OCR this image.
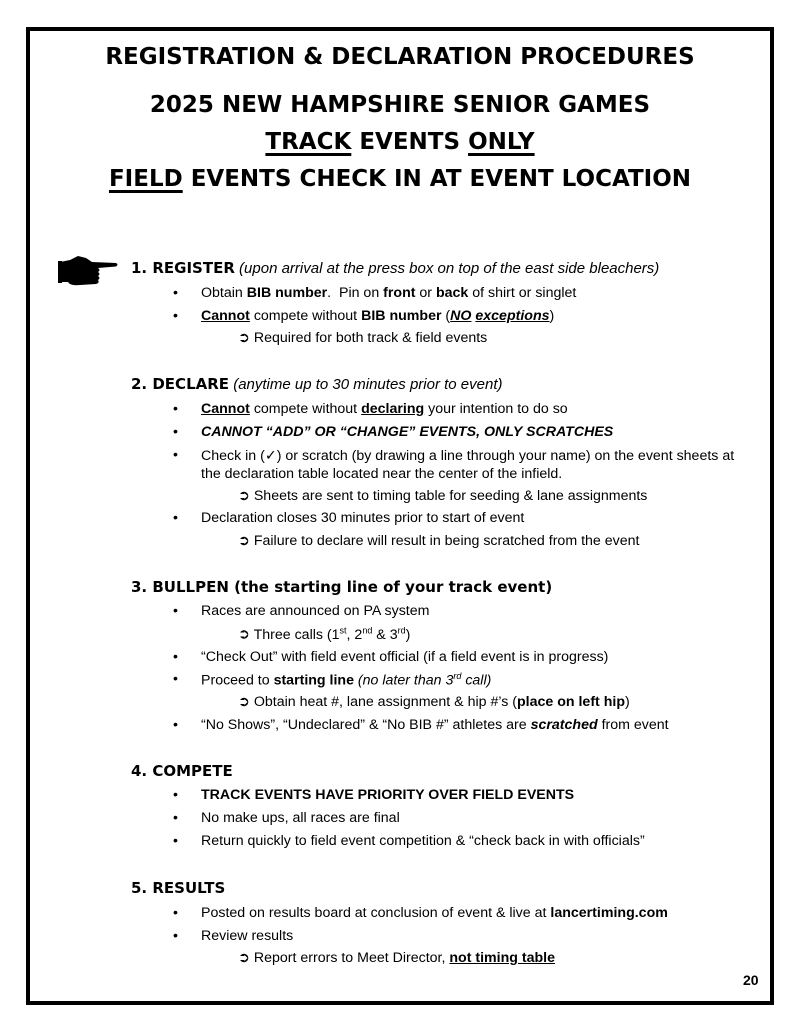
REGISTRATION & DECLARATION PROCEDURES
2025 NEW HAMPSHIRE SENIOR GAMES
TRACK EVENTS ONLY
FIELD EVENTS CHECK IN AT EVENT LOCATION
1. REGISTER (upon arrival at the press box on top of the east side bleachers)
• Obtain BIB number.  Pin on front or back of shirt or singlet
• Cannot compete without BIB number (NO exceptions)
➲ Required for both track & field events
2. DECLARE (anytime up to 30 minutes prior to event)
• Cannot compete without declaring your intention to do so
• CANNOT “ADD” OR “CHANGE” EVENTS, ONLY SCRATCHES
• Check in (✓) or scratch (by drawing a line through your name) on the event sheets at the declaration table located near the center of the infield.
➲ Sheets are sent to timing table for seeding & lane assignments
• Declaration closes 30 minutes prior to start of event
➲ Failure to declare will result in being scratched from the event
3. BULLPEN (the starting line of your track event)
• Races are announced on PA system
➲ Three calls (1st, 2nd & 3rd)
• “Check Out” with field event official (if a field event is in progress)
• Proceed to starting line (no later than 3rd call)
➲ Obtain heat #, lane assignment & hip #’s (place on left hip)
• “No Shows”, “Undeclared” & “No BIB #” athletes are scratched from event
4. COMPETE
• TRACK EVENTS HAVE PRIORITY OVER FIELD EVENTS
• No make ups, all races are final
• Return quickly to field event competition & “check back in with officials”
5. RESULTS
• Posted on results board at conclusion of event & live at lancertiming.com
• Review results
➲ Report errors to Meet Director, not timing table
20
